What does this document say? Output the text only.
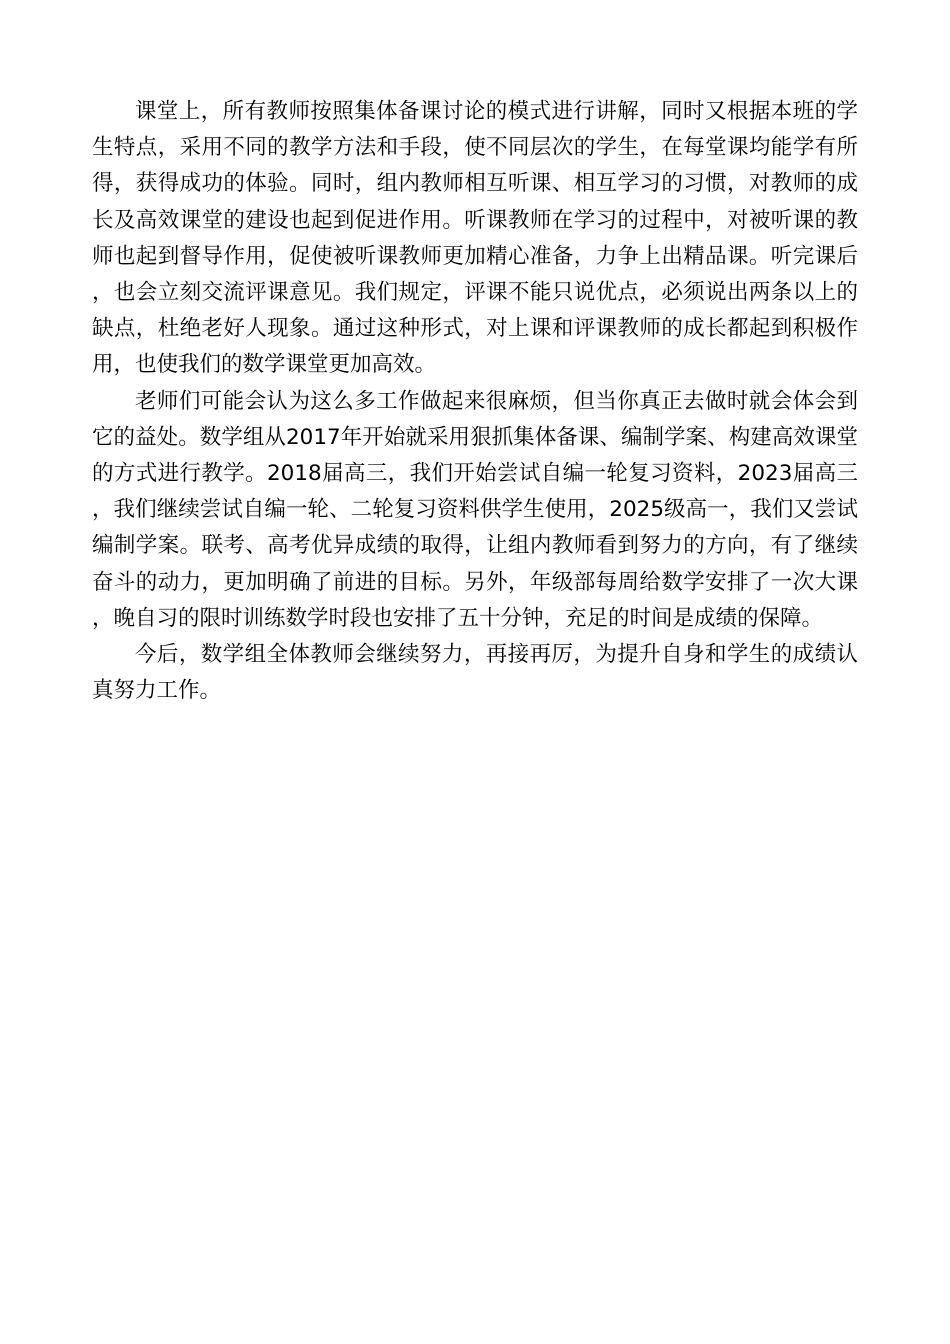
课堂上，所有教师按照集体备课讨论的模式进行讲解，同时又根据本班的学生特点，采用不同的教学方法和手段，使不同层次的学生，在每堂课均能学有所得，获得成功的体验。同时，组内教师相互听课、相互学习的习惯，对教师的成长及高效课堂的建设也起到促进作用。听课教师在学习的过程中，对被听课的教师也起到督导作用，促使被听课教师更加精心准备，力争上出精品课。听完课后，也会立刻交流评课意见。我们规定，评课不能只说优点，必须说出两条以上的缺点，杜绝老好人现象。通过这种形式，对上课和评课教师的成长都起到积极作用，也使我们的数学课堂更加高效。

老师们可能会认为这么多工作做起来很麻烦，但当你真正去做时就会体会到它的益处。数学组从2017年开始就采用狠抓集体备课、编制学案、构建高效课堂的方式进行教学。2018届高三，我们开始尝试自编一轮复习资料，2023届高三，我们继续尝试自编一轮、二轮复习资料供学生使用，2025级高一，我们又尝试编制学案。联考、高考优异成绩的取得，让组内教师看到努力的方向，有了继续奋斗的动力，更加明确了前进的目标。另外，年级部每周给数学安排了一次大课，晚自习的限时训练数学时段也安排了五十分钟，充足的时间是成绩的保障。

今后，数学组全体教师会继续努力，再接再厉，为提升自身和学生的成绩认真努力工作。
